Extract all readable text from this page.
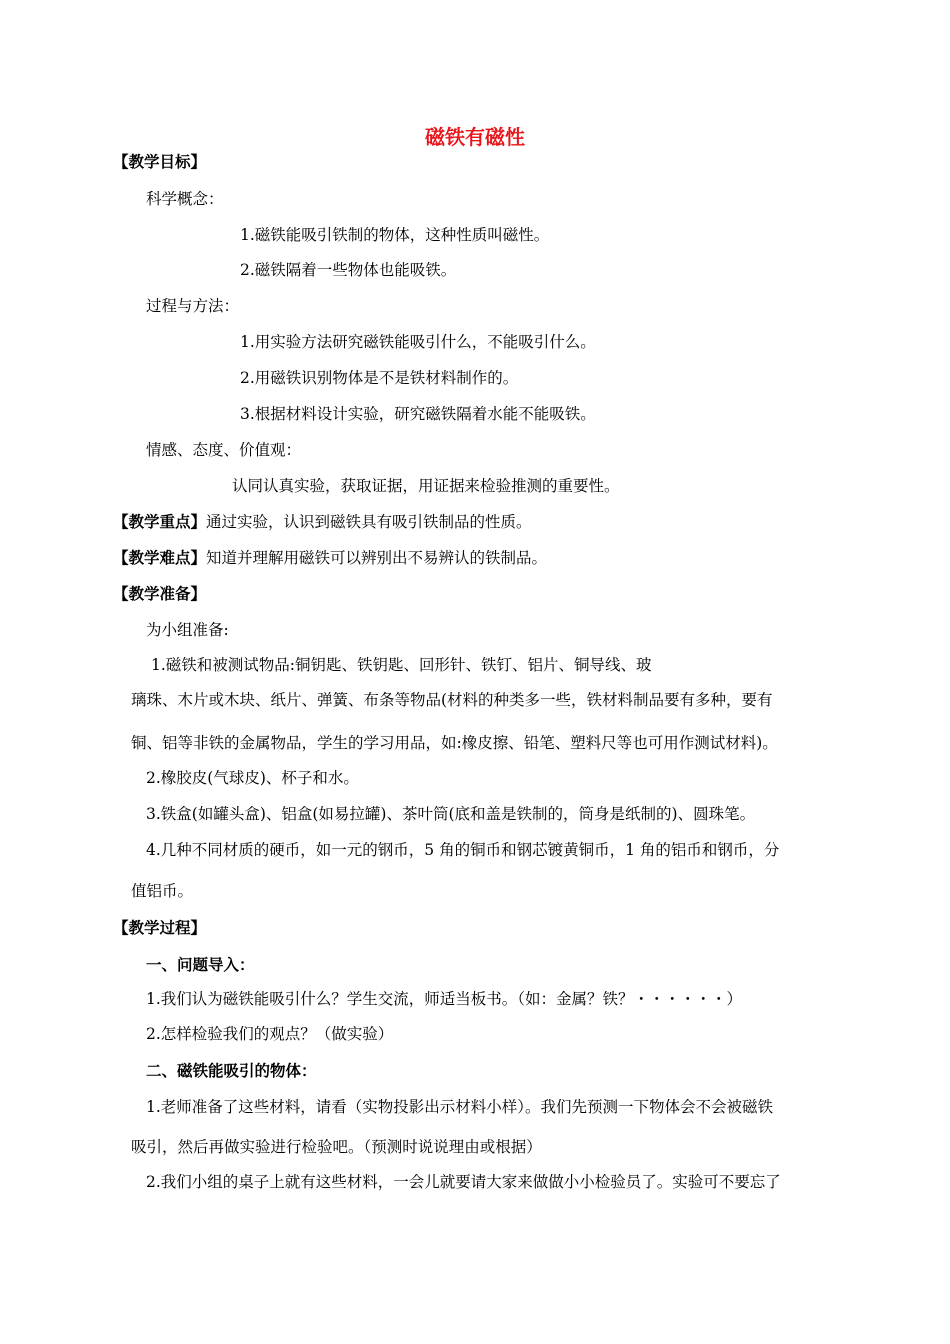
磁铁有磁性
【教学目标】
科学概念：
1.磁铁能吸引铁制的物体，这种性质叫磁性。
2.磁铁隔着一些物体也能吸铁。
过程与方法：
1.用实验方法研究磁铁能吸引什么，不能吸引什么。
2.用磁铁识别物体是不是铁材料制作的。
3.根据材料设计实验，研究磁铁隔着水能不能吸铁。
情感、态度、价值观：
认同认真实验，获取证据，用证据来检验推测的重要性。
【教学重点】通过实验，认识到磁铁具有吸引铁制品的性质。
【教学难点】知道并理解用磁铁可以辨别出不易辨认的铁制品。
【教学准备】
为小组准备:
1.磁铁和被测试物品:铜钥匙、铁钥匙、回形针、铁钉、铝片、铜导线、玻
璃珠、木片或木块、纸片、弹簧、布条等物品(材料的种类多一些，铁材料制品要有多种，要有
铜、铝等非铁的金属物品，学生的学习用品，如:橡皮擦、铅笔、塑料尺等也可用作测试材料)。
2.橡胶皮(气球皮)、杯子和水。
3.铁盒(如罐头盒)、铝盒(如易拉罐)、茶叶筒(底和盖是铁制的，筒身是纸制的)、圆珠笔。
4.几种不同材质的硬币，如一元的钢币，5 角的铜币和钢芯镀黄铜币，1 角的铝币和钢币，分
值铝币。
【教学过程】
一、问题导入：
1.我们认为磁铁能吸引什么？学生交流，师适当板书。（如：金属？铁？・・・・・・）
2.怎样检验我们的观点？（做实验）
二、磁铁能吸引的物体：
1.老师准备了这些材料，请看（实物投影出示材料小样）。我们先预测一下物体会不会被磁铁
吸引，然后再做实验进行检验吧。（预测时说说理由或根据）
2.我们小组的桌子上就有这些材料，一会儿就要请大家来做做小小检验员了。实验可不要忘了
